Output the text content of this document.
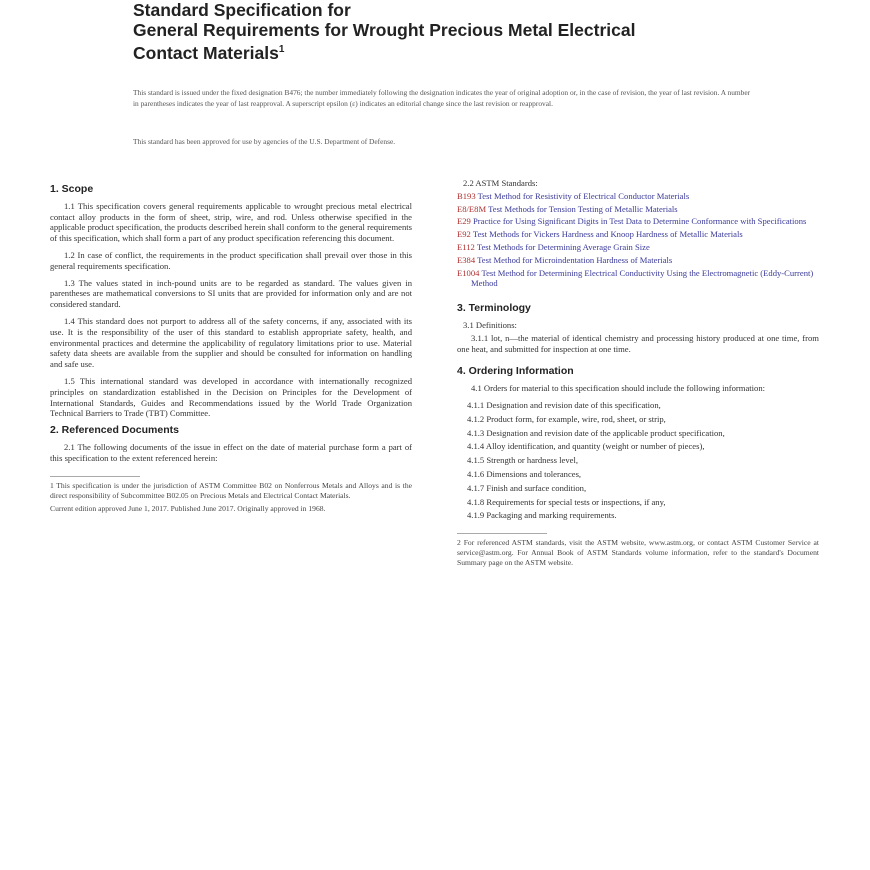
Standard Specification for
General Requirements for Wrought Precious Metal Electrical
Contact Materials$^1$
This standard is issued under the fixed designation B476; the number immediately following the designation indicates the year of original adoption or, in the case of revision, the year of last revision. A number in parentheses indicates the year of last reapproval. A superscript epsilon (ε) indicates an editorial change since the last revision or reapproval.
This standard has been approved for use by agencies of the U.S. Department of Defense.
1. Scope
1.1 This specification covers general requirements applicable to wrought precious metal electrical contact alloy products in the form of sheet, strip, wire, and rod. Unless otherwise specified in the applicable product specification, the products described herein shall conform to the general requirements of this specification, which shall form a part of any product specification referencing this document.
1.2 In case of conflict, the requirements in the product specification shall prevail over those in this general requirements specification.
1.3 The values stated in inch-pound units are to be regarded as standard. The values given in parentheses are mathematical conversions to SI units that are provided for information only and are not considered standard.
1.4 This standard does not purport to address all of the safety concerns, if any, associated with its use. It is the responsibility of the user of this standard to establish appropriate safety, health, and environmental practices and determine the applicability of regulatory limitations prior to use. Material safety data sheets are available from the supplier and should be consulted for information on handling and safe use.
1.5 This international standard was developed in accordance with internationally recognized principles on standardization established in the Decision on Principles for the Development of International Standards, Guides and Recommendations issued by the World Trade Organization Technical Barriers to Trade (TBT) Committee.
2. Referenced Documents
2.1 The following documents of the issue in effect on the date of material purchase form a part of this specification to the extent referenced herein:
1 This specification is under the jurisdiction of ASTM Committee B02 on Nonferrous Metals and Alloys and is the direct responsibility of Subcommittee B02.05 on Precious Metals and Electrical Contact Materials.
Current edition approved June 1, 2017. Published June 2017. Originally approved in 1968.
2.2 ASTM Standards:
B193 Test Method for Resistivity of Electrical Conductor Materials
E8/E8M Test Methods for Tension Testing of Metallic Materials
E29 Practice for Using Significant Digits in Test Data to Determine Conformance with Specifications
E92 Test Methods for Vickers Hardness and Knoop Hardness of Metallic Materials
E112 Test Methods for Determining Average Grain Size
E384 Test Method for Microindentation Hardness of Materials
E1004 Test Method for Determining Electrical Conductivity Using the Electromagnetic (Eddy-Current) Method
3. Terminology
3.1 Definitions:
3.1.1 lot, n—the material of identical chemistry and processing history produced at one time, from one heat, and submitted for inspection at one time.
4. Ordering Information
4.1 Orders for material to this specification should include the following information:
4.1.1 Designation and revision date of this specification,
4.1.2 Product form, for example, wire, rod, sheet, or strip,
4.1.3 Designation and revision date of the applicable product specification,
4.1.4 Alloy identification, and quantity (weight or number of pieces),
4.1.5 Strength or hardness level,
4.1.6 Dimensions and tolerances,
4.1.7 Finish and surface condition,
4.1.8 Requirements for special tests or inspections, if any,
4.1.9 Packaging and marking requirements.
2 For referenced ASTM standards, visit the ASTM website, www.astm.org, or contact ASTM Customer Service at service@astm.org. For Annual Book of ASTM Standards volume information, refer to the standard's Document Summary page on the ASTM website.
